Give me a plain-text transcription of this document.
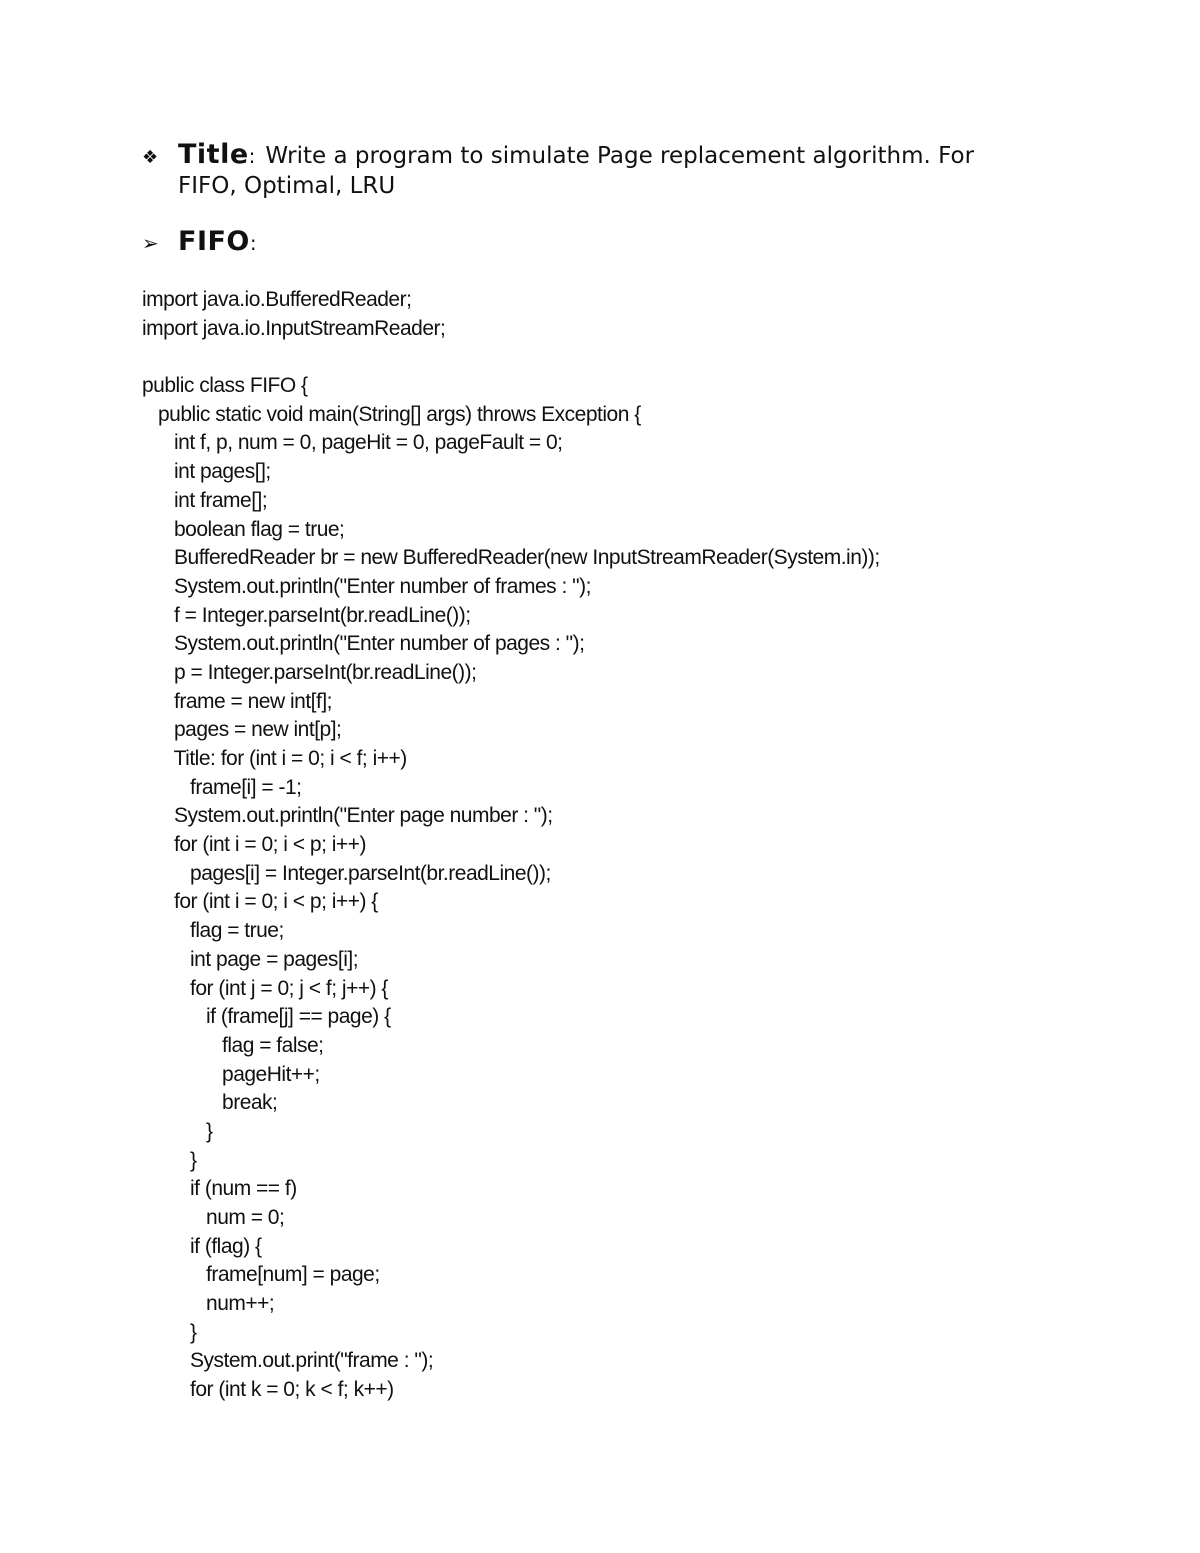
❖ Title: Write a program to simulate Page replacement algorithm. For
FIFO, Optimal, LRU
➢ FIFO :
import java.io.BufferedReader;
import java.io.InputStreamReader;

public class FIFO {
public static void main(String[] args) throws Exception {
int f, p, num = 0, pageHit = 0, pageFault = 0;
int pages[];
int frame[];
boolean flag = true;
BufferedReader br = new BufferedReader(new InputStreamReader(System.in));
System.out.println("Enter number of frames : ");
f = Integer.parseInt(br.readLine());
System.out.println("Enter number of pages : ");
p = Integer.parseInt(br.readLine());
frame = new int[f];
pages = new int[p];
Title: for (int i = 0; i < f; i++)
frame[i] = -1;
System.out.println("Enter page number : ");
for (int i = 0; i < p; i++)
pages[i] = Integer.parseInt(br.readLine());
for (int i = 0; i < p; i++) {
flag = true;
int page = pages[i];
for (int j = 0; j < f; j++) {
if (frame[j] == page) {
flag = false;
pageHit++;
break;
}
}
if (num == f)
num = 0;
if (flag) {
frame[num] = page;
num++;
}
System.out.print("frame : ");
for (int k = 0; k < f; k++)
